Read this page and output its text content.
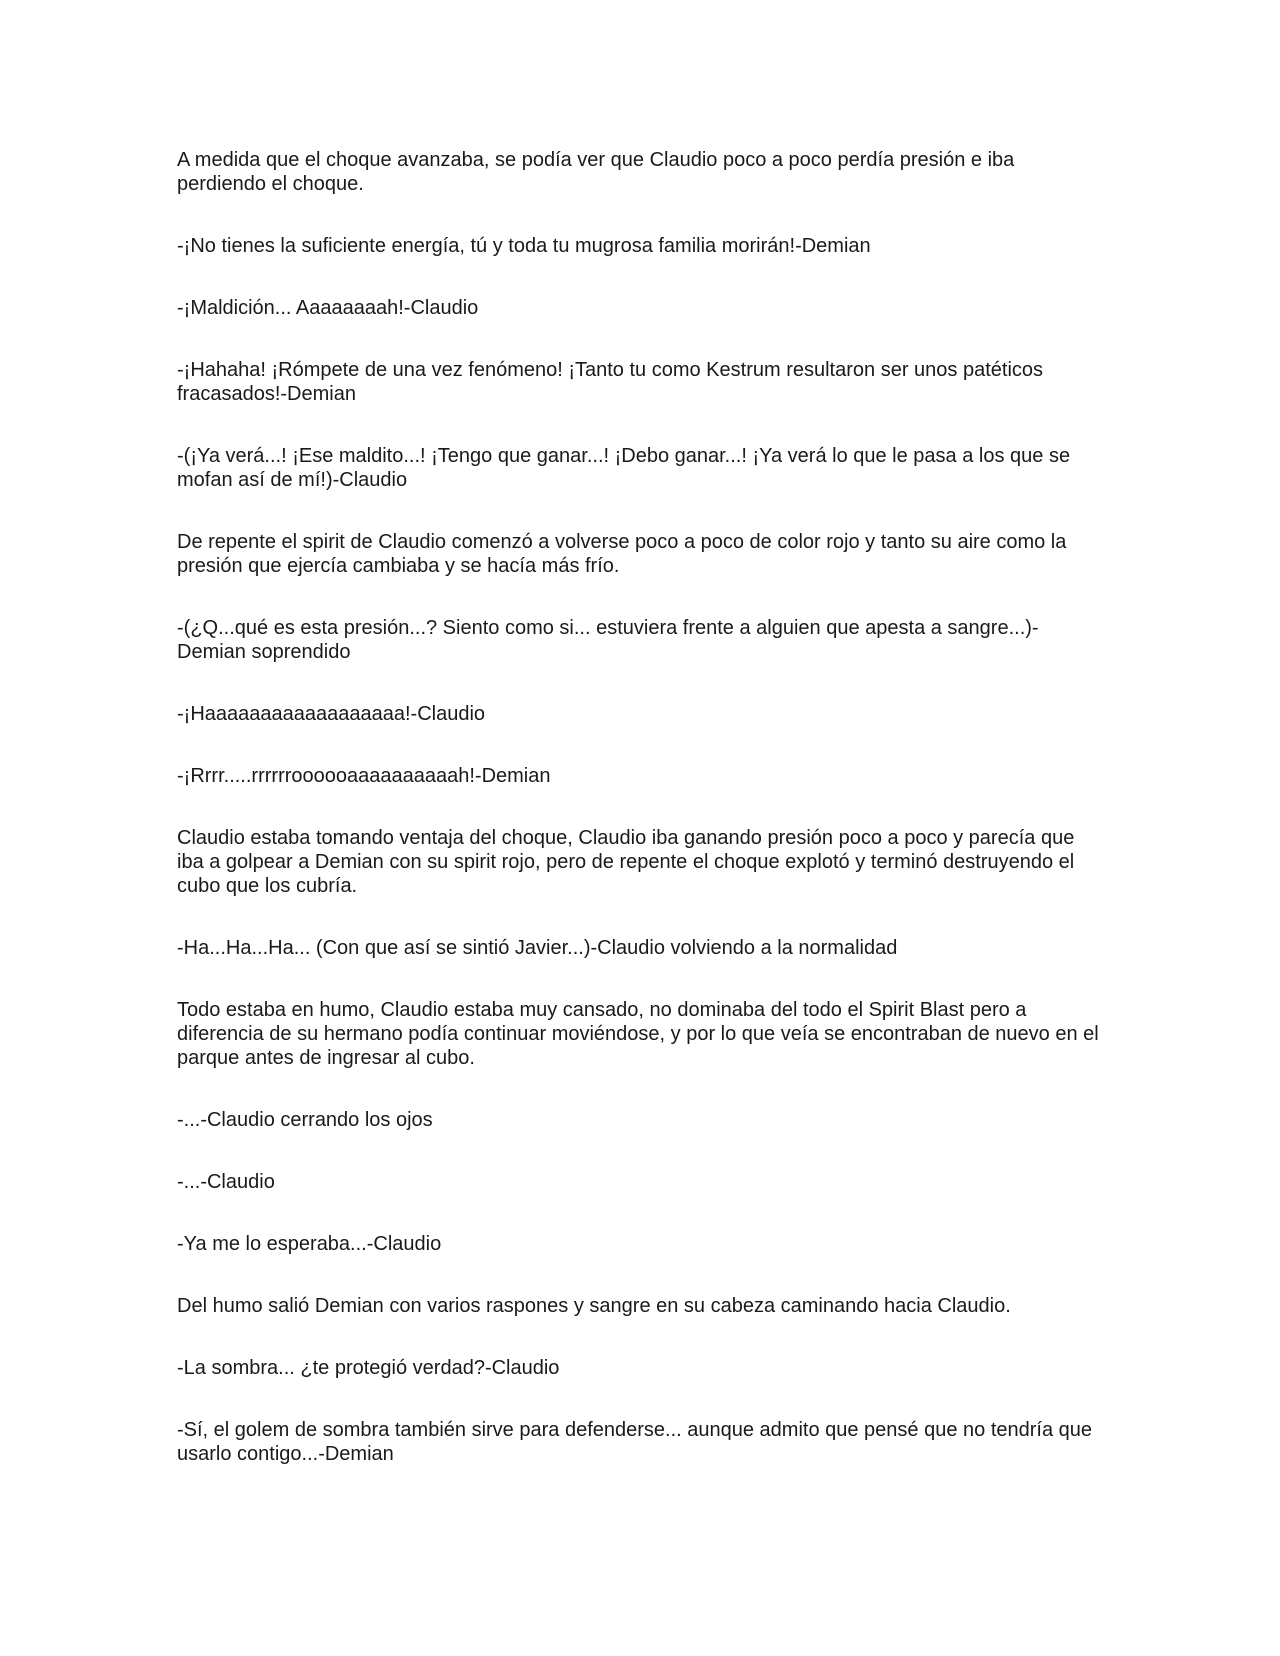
A medida que el choque avanzaba, se podía ver que Claudio poco a poco perdía presión e iba perdiendo el choque.

-¡No tienes la suficiente energía, tú y toda tu mugrosa familia morirán!-Demian

-¡Maldición... Aaaaaaaah!-Claudio

-¡Hahaha! ¡Rómpete de una vez fenómeno! ¡Tanto tu como Kestrum resultaron ser unos patéticos fracasados!-Demian

-(¡Ya verá...! ¡Ese maldito...! ¡Tengo que ganar...! ¡Debo ganar...! ¡Ya verá lo que le pasa a los que se mofan así de mí!)-Claudio

De repente el spirit de Claudio comenzó a volverse poco a poco de color rojo y tanto su aire como la presión que ejercía cambiaba y se hacía más frío.

-(¿Q...qué es esta presión...? Siento como si... estuviera frente a alguien que apesta a sangre...)-Demian soprendido

-¡Haaaaaaaaaaaaaaaaaa!-Claudio

-¡Rrrr.....rrrrrroooooaaaaaaaaaah!-Demian

Claudio estaba tomando ventaja del choque, Claudio iba ganando presión poco a poco y parecía que iba a golpear a Demian con su spirit rojo, pero de repente el choque explotó y terminó destruyendo el cubo que los cubría.

-Ha...Ha...Ha... (Con que así se sintió Javier...)-Claudio volviendo a la normalidad

Todo estaba en humo, Claudio estaba muy cansado, no dominaba del todo el Spirit Blast pero a diferencia de su hermano podía continuar moviéndose, y por lo que veía se encontraban de nuevo en el parque antes de ingresar al cubo.

-...-Claudio cerrando los ojos

-...-Claudio

-Ya me lo esperaba...-Claudio

Del humo salió Demian con varios raspones y sangre en su cabeza caminando hacia Claudio.

-La sombra... ¿te protegió verdad?-Claudio

-Sí, el golem de sombra también sirve para defenderse... aunque admito que pensé que no tendría que usarlo contigo...-Demian
